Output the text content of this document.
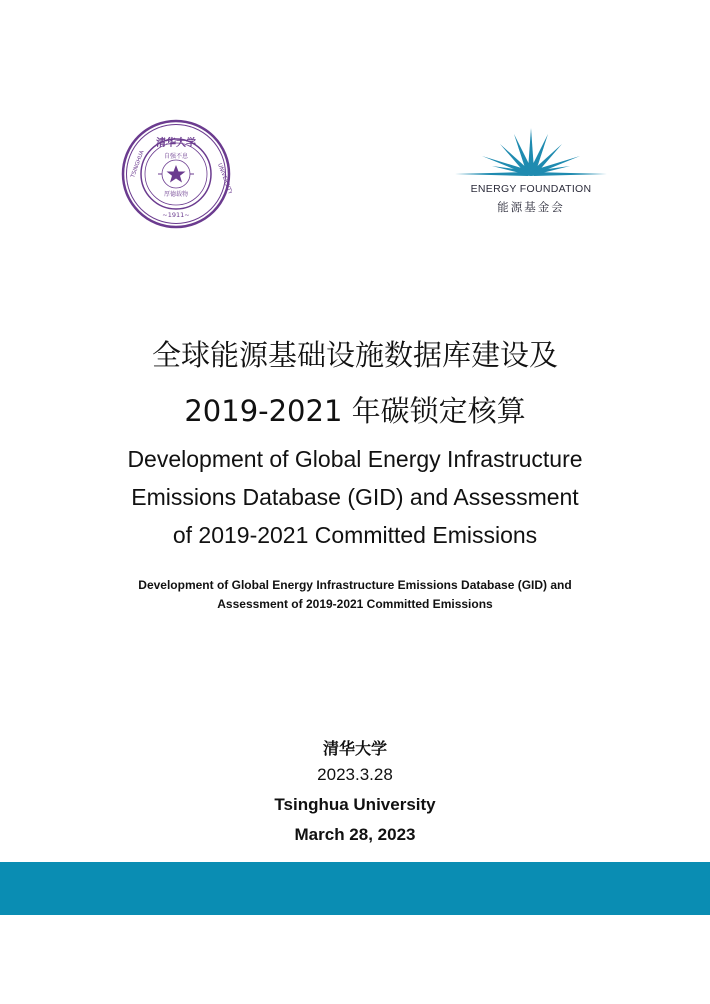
清华大学
TSINGHUA	UNIVERSITY
~1911~
自强不息
厚德载物	ENERGY FOUNDATION
能源基金会
全球能源基础设施数据库建设及
2019-2021 年碳锁定核算
Development of Global Energy Infrastructure
Emissions Database (GID) and Assessment
of 2019-2021 Committed Emissions
Development of Global Energy Infrastructure Emissions Database (GID) and
Assessment of 2019-2021 Committed Emissions
清华大学
2023.3.28
Tsinghua University
March 28, 2023
